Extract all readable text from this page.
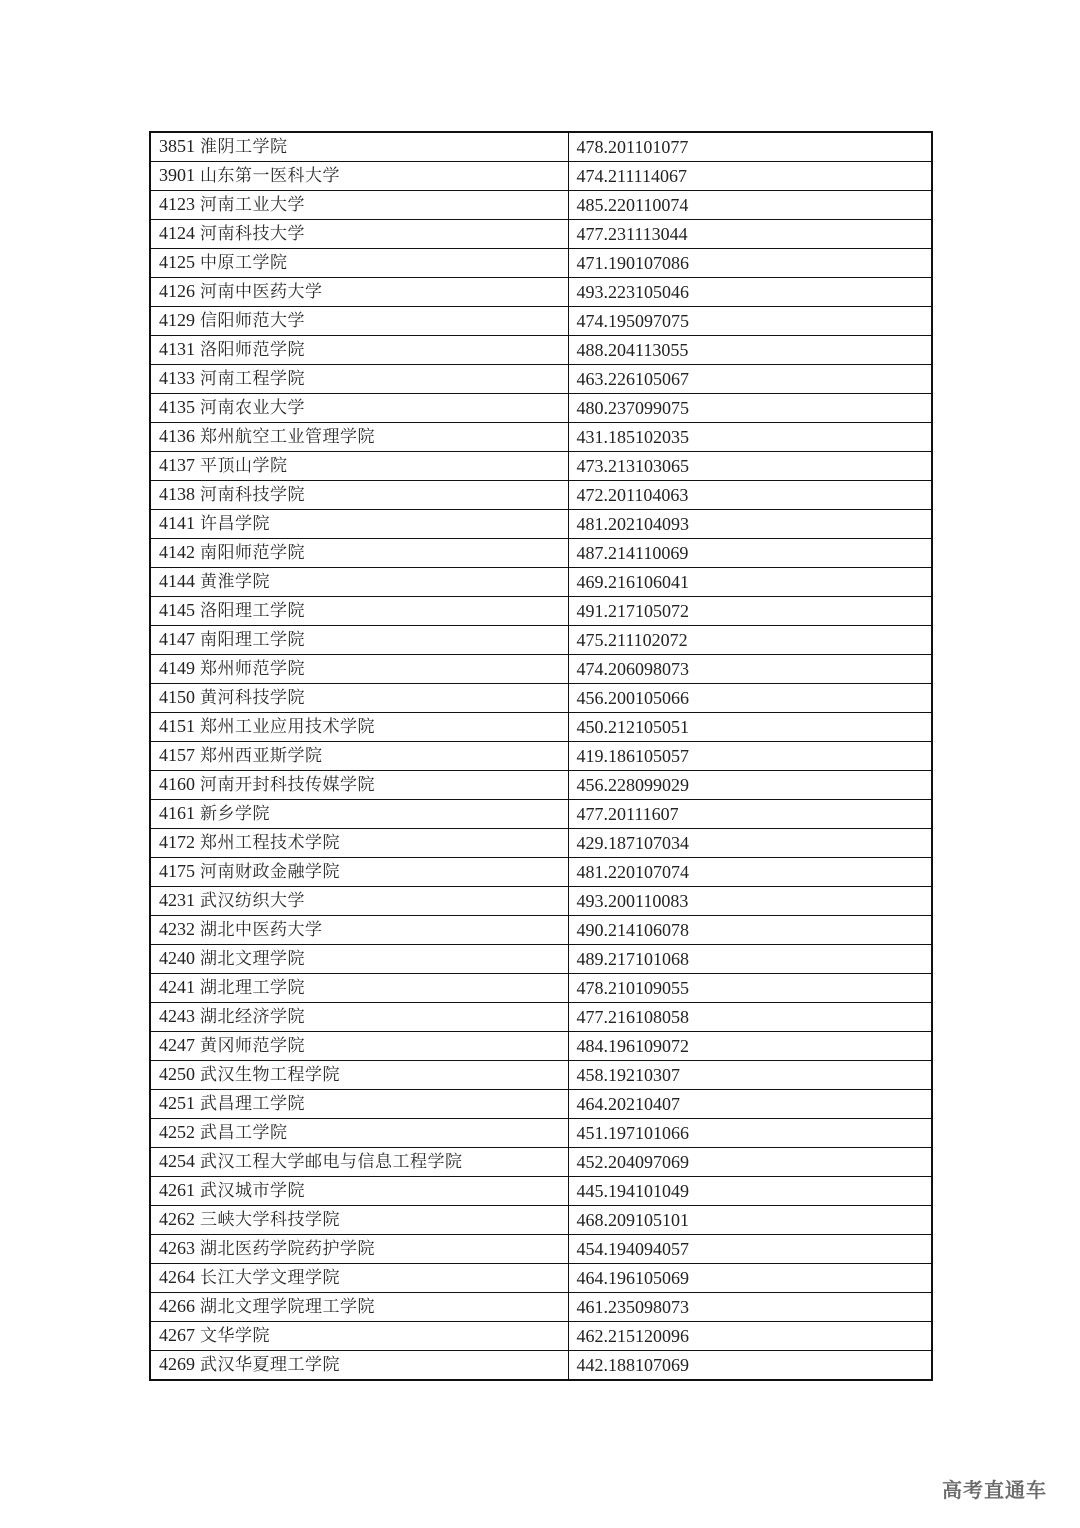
3851 淮阴工学院	478.201101077
3901 山东第一医科大学	474.211114067
4123 河南工业大学	485.220110074
4124 河南科技大学	477.231113044
4125 中原工学院	471.190107086
4126 河南中医药大学	493.223105046
4129 信阳师范大学	474.195097075
4131 洛阳师范学院	488.204113055
4133 河南工程学院	463.226105067
4135 河南农业大学	480.237099075
4136 郑州航空工业管理学院	431.185102035
4137 平顶山学院	473.213103065
4138 河南科技学院	472.201104063
4141 许昌学院	481.202104093
4142 南阳师范学院	487.214110069
4144 黄淮学院	469.216106041
4145 洛阳理工学院	491.217105072
4147 南阳理工学院	475.211102072
4149 郑州师范学院	474.206098073
4150 黄河科技学院	456.200105066
4151 郑州工业应用技术学院	450.212105051
4157 郑州西亚斯学院	419.186105057
4160 河南开封科技传媒学院	456.228099029
4161 新乡学院	477.20111607
4172 郑州工程技术学院	429.187107034
4175 河南财政金融学院	481.220107074
4231 武汉纺织大学	493.200110083
4232 湖北中医药大学	490.214106078
4240 湖北文理学院	489.217101068
4241 湖北理工学院	478.210109055
4243 湖北经济学院	477.216108058
4247 黄冈师范学院	484.196109072
4250 武汉生物工程学院	458.19210307
4251 武昌理工学院	464.20210407
4252 武昌工学院	451.197101066
4254 武汉工程大学邮电与信息工程学院	452.204097069
4261 武汉城市学院	445.194101049
4262 三峡大学科技学院	468.209105101
4263 湖北医药学院药护学院	454.194094057
4264 长江大学文理学院	464.196105069
4266 湖北文理学院理工学院	461.235098073
4267 文华学院	462.215120096
4269 武汉华夏理工学院	442.188107069
高考直通车
